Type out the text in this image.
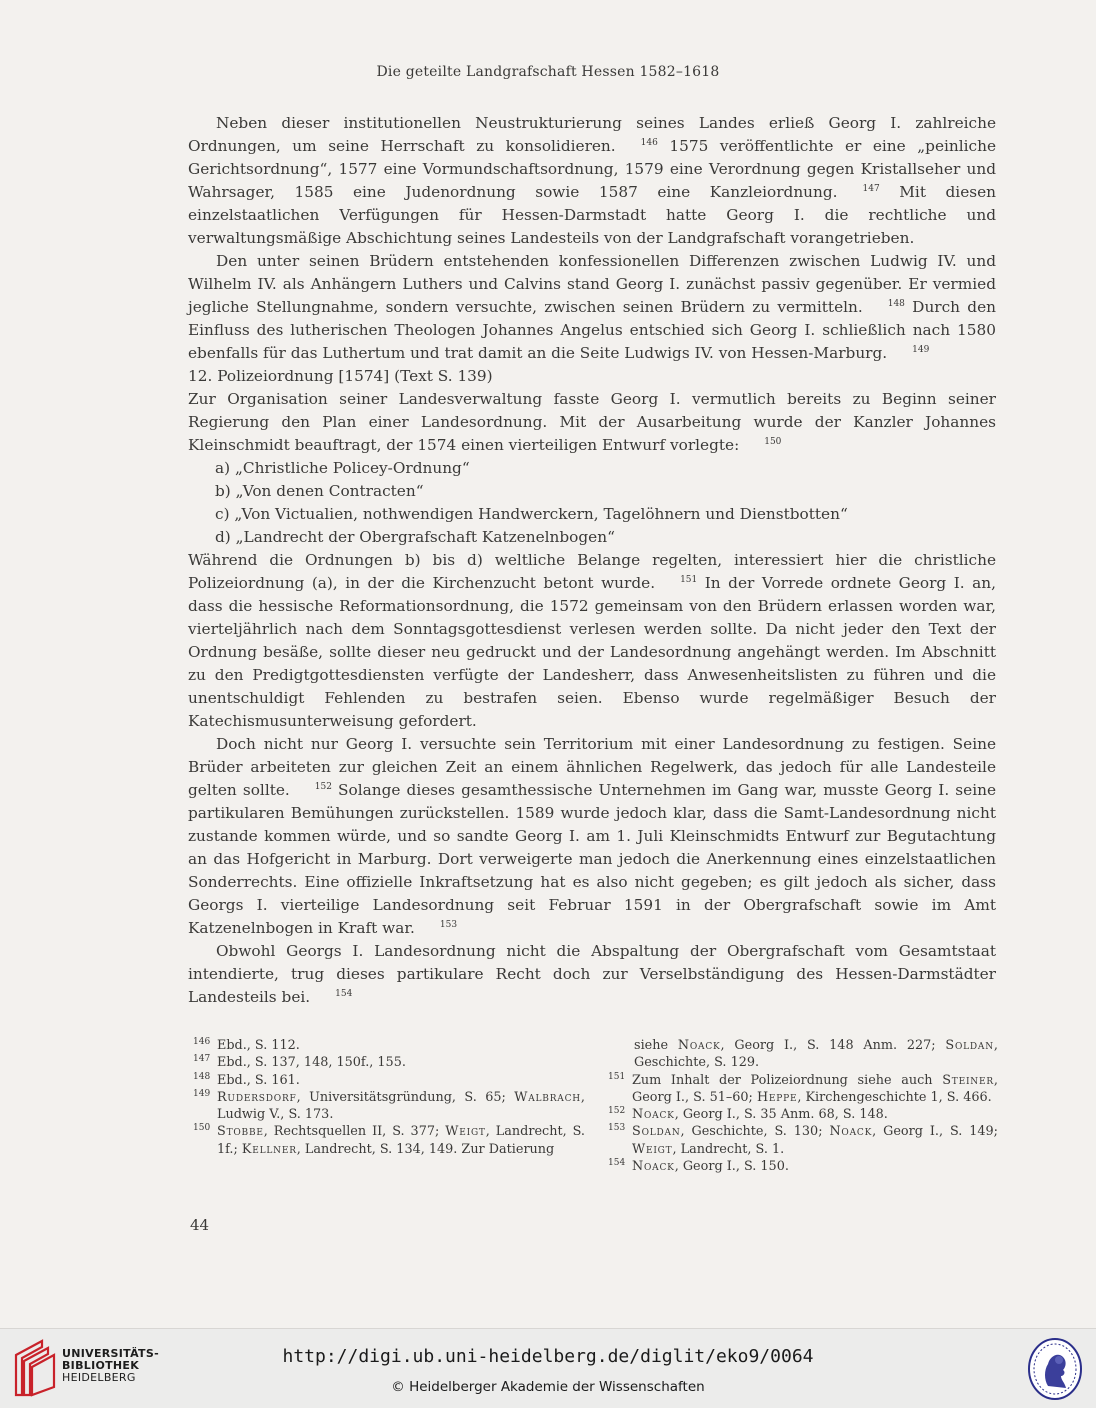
Die geteilte Landgrafschaft Hessen 1582–1618

Neben dieser institutionellen Neustrukturierung seines Landes erließ Georg I. zahlreiche Ordnungen, um seine Herrschaft zu konsolidieren.	$^{146}$ 1575 veröffentlichte er eine „peinliche Gerichtsordnung“, 1577 eine Vormundschaftsordnung, 1579 eine Verordnung gegen Kristallseher und Wahrsager, 1585 eine Judenordnung sowie 1587 eine Kanzleiordnung.	$^{147}$ Mit diesen einzelstaatlichen Verfügungen für Hessen-Darmstadt hatte Georg I. die rechtliche und verwaltungsmäßige Abschichtung seines Landesteils von der Landgrafschaft vorangetrieben.

Den unter seinen Brüdern entstehenden konfessionellen Differenzen zwischen Ludwig IV. und Wilhelm IV. als Anhängern Luthers und Calvins stand Georg I. zunächst passiv gegenüber. Er vermied jegliche Stellungnahme, sondern versuchte, zwischen seinen Brüdern zu vermitteln.	$^{148}$ Durch den Einfluss des lutherischen Theologen Johannes Angelus entschied sich Georg I. schließlich nach 1580 ebenfalls für das Luthertum und trat damit an die Seite Ludwigs IV. von Hessen-Marburg.	$^{149}$

12. Polizeiordnung [1574] (Text S. 139)

Zur Organisation seiner Landesverwaltung fasste Georg I. vermutlich bereits zu Beginn seiner Regierung den Plan einer Landesordnung. Mit der Ausarbeitung wurde der Kanzler Johannes Kleinschmidt beauftragt, der 1574 einen vierteiligen Entwurf vorlegte:	$^{150}$

a) „Christliche Policey-Ordnung“
b) „Von denen Contracten“
c) „Von Victualien, nothwendigen Handwerckern, Tagelöhnern und Dienstbotten“
d) „Landrecht der Obergrafschaft Katzenelnbogen“

Während die Ordnungen b) bis d) weltliche Belange regelten, interessiert hier die christliche Polizeiordnung (a), in der die Kirchenzucht betont wurde.	$^{151}$ In der Vorrede ordnete Georg I. an, dass die hessische Reformationsordnung, die 1572 gemeinsam von den Brüdern erlassen worden war, vierteljährlich nach dem Sonntagsgottesdienst verlesen werden sollte. Da nicht jeder den Text der Ordnung besäße, sollte dieser neu gedruckt und der Landesordnung angehängt werden. Im Abschnitt zu den Predigtgottesdiensten verfügte der Landesherr, dass Anwesenheitslisten zu führen und die unentschuldigt Fehlenden zu bestrafen seien. Ebenso wurde regelmäßiger Besuch der Katechismusunterweisung gefordert.

Doch nicht nur Georg I. versuchte sein Territorium mit einer Landesordnung zu festigen. Seine Brüder arbeiteten zur gleichen Zeit an einem ähnlichen Regelwerk, das jedoch für alle Landesteile gelten sollte.	$^{152}$ Solange dieses gesamthessische Unternehmen im Gang war, musste Georg I. seine partikularen Bemühungen zurückstellen. 1589 wurde jedoch klar, dass die Samt-Landesordnung nicht zustande kommen würde, und so sandte Georg I. am 1. Juli Kleinschmidts Entwurf zur Begutachtung an das Hofgericht in Marburg. Dort verweigerte man jedoch die Anerkennung eines einzelstaatlichen Sonderrechts. Eine offizielle Inkraftsetzung hat es also nicht gegeben; es gilt jedoch als sicher, dass Georgs I. vierteilige Landesordnung seit Februar 1591 in der Obergrafschaft sowie im Amt Katzenelnbogen in Kraft war.	$^{153}$

Obwohl Georgs I. Landesordnung nicht die Abspaltung der Obergrafschaft vom Gesamtstaat intendierte, trug dieses partikulare Recht doch zur Verselbständigung des Hessen-Darmstädter Landesteils bei.	$^{154}$

146 Ebd., S. 112.

147 Ebd., S. 137, 148, 150f., 155.

148 Ebd., S. 161.

149 Rudersdorf, Universitätsgründung, S. 65; Walbrach, Ludwig V., S. 173.

150 Stobbe, Rechtsquellen II, S. 377; Weigt, Landrecht, S. 1f.; Kellner, Landrecht, S. 134, 149. Zur Datierung

siehe Noack, Georg I., S. 148 Anm. 227; Soldan, Geschichte, S. 129.

151 Zum Inhalt der Polizeiordnung siehe auch Steiner, Georg I., S. 51–60; Heppe, Kirchengeschichte 1, S. 466.

152 Noack, Georg I., S. 35 Anm. 68, S. 148.

153 Soldan, Geschichte, S. 130; Noack, Georg I., S. 149; Weigt, Landrecht, S. 1.

154 Noack, Georg I., S. 150.

44
UNIVERSITÄTS-
BIBLIOTHEK
HEIDELBERG
http://digi.ub.uni-heidelberg.de/diglit/eko9/0064
© Heidelberger Akademie der Wissenschaften
